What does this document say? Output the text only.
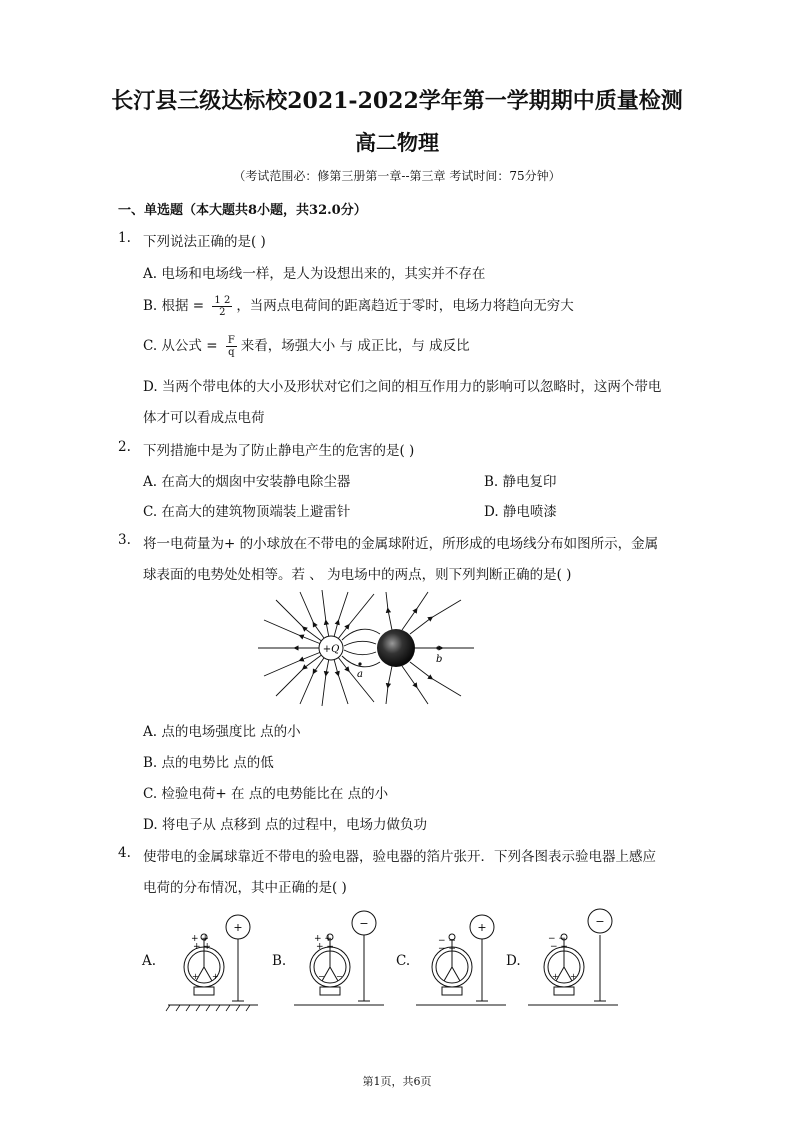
长汀县三级达标校2021-2022学年第一学期期中质量检测
高二物理
（考试范围必：修第三册第一章--第三章 考试时间：75分钟）
一、单选题（本大题共8小题，共32.0分）
1. 下列说法正确的是( )
A. 电场和电场线一样，是人为设想出来的，其实并不存在
B. 根据 = $\frac{1 2}{2}$ ，当两点电荷间的距离趋近于零时，电场力将趋向无穷大
C. 从公式 = $\frac{F}{q}$ 来看，场强大小 与 成正比，与 成反比
D. 当两个带电体的大小及形状对它们之间的相互作用力的影响可以忽略时，这两个带电
体才可以看成点电荷
2. 下列措施中是为了防止静电产生的危害的是( )
A. 在高大的烟囱中安装静电除尘器	B. 静电复印
C. 在高大的建筑物顶端装上避雷针	D. 静电喷漆
3. 将一电荷量为+ 的小球放在不带电的金属球附近，所形成的电场线分布如图所示，金属
球表面的电势处处相等。若 、 为电场中的两点，则下列判断正确的是( )
+Q
a
b
A. 点的电场强度比 点的小
B. 点的电势比 点的低
C. 检验电荷+ 在 点的电势能比在 点的小
D. 将电子从 点移到 点的过程中，电场力做负功
4. 使带电的金属球靠近不带电的验电器，验电器的箔片张开．下列各图表示验电器上感应
电荷的分布情况，其中正确的是( )
A.
+
+ +
+ +
+ +
B.
−
+ +
+ +
− −
C.
+
− −
− −
D.
−
− −
− −
+ +
第1页，共6页
